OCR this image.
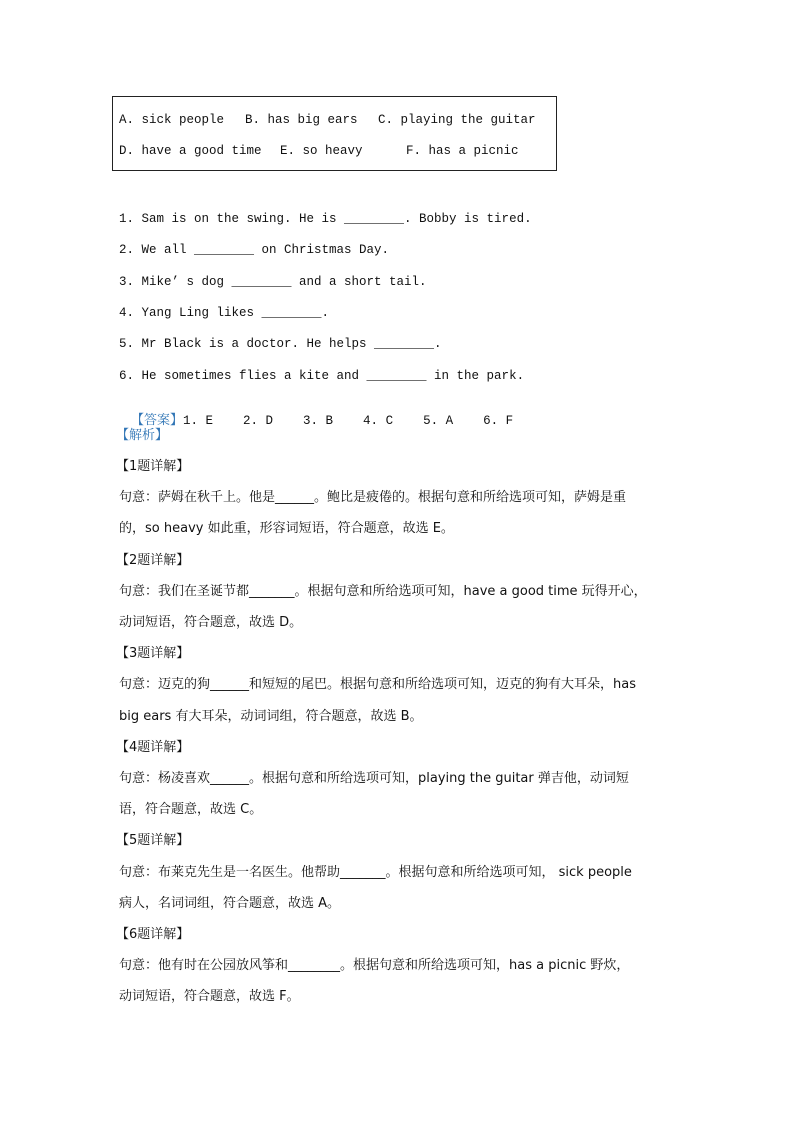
A. sick people B. has big ears C. playing the guitar
D. have a good time E. so heavy	F. has a picnic
1. Sam is on the swing. He is ________. Bobby is tired.
2. We all ________ on Christmas Day.
3. Mike’ s dog ________ and a short tail.
4. Yang Ling likes ________.
5. Mr Black is a doctor. He helps ________.
6. He sometimes flies a kite and ________ in the park.

【答案】1. E    2. D    3. B    4. C    5. A    6. F

【解析】
【1题详解】
句意：萨姆在秋千上。他是______。鲍比是疲倦的。根据句意和所给选项可知，萨姆是重
的，so heavy 如此重，形容词短语，符合题意，故选 E。
【2题详解】
句意：我们在圣诞节都_______。根据句意和所给选项可知，have a good time 玩得开心，
动词短语，符合题意，故选 D。
【3题详解】
句意：迈克的狗______和短短的尾巴。根据句意和所给选项可知，迈克的狗有大耳朵，has
big ears 有大耳朵，动词词组，符合题意，故选 B。
【4题详解】
句意：杨凌喜欢______。根据句意和所给选项可知，playing the guitar 弹吉他，动词短
语，符合题意，故选 C。
【5题详解】
句意：布莱克先生是一名医生。他帮助_______。根据句意和所给选项可知， sick people
病人，名词词组，符合题意，故选 A。
【6题详解】
句意：他有时在公园放风筝和________。根据句意和所给选项可知，has a picnic 野炊，
动词短语，符合题意，故选 F。
